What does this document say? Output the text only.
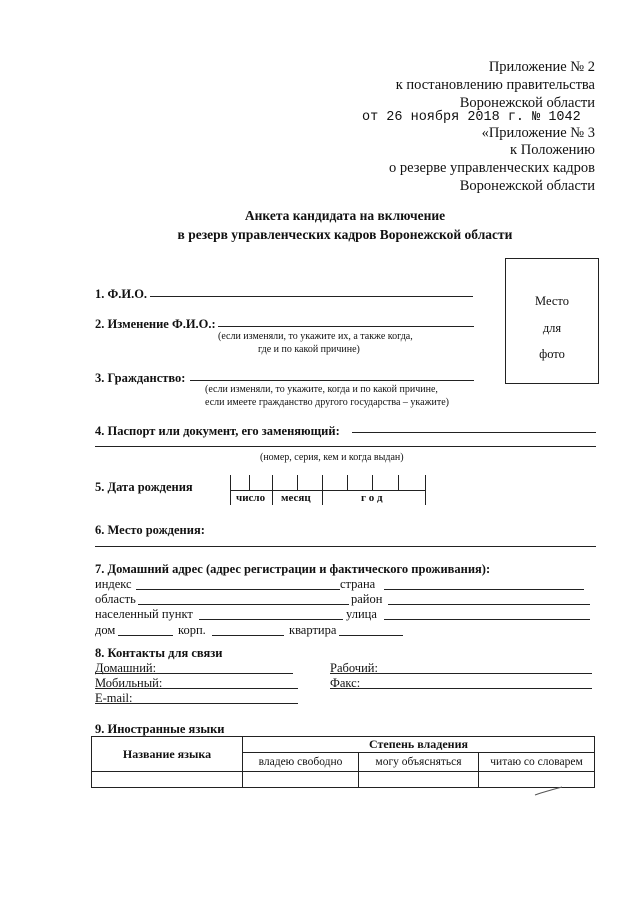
Приложение № 2
к постановлению правительства
Воронежской области
от 26 ноября 2018 г. № 1042
«Приложение № 3
к Положению
о резерве управленческих кадров
Воронежской области
Анкета кандидата на включение
в резерв управленческих кадров Воронежской области
Место
для
фото
1. Ф.И.О.
2. Изменение Ф.И.О.:
(если изменяли, то укажите их, а также когда,
где и по какой причине)
3. Гражданство:
(если изменяли, то укажите, когда и по какой причине,
если имеете гражданство другого государства – укажите)
4. Паспорт или документ, его заменяющий:
(номер, серия, кем и когда выдан)
5. Дата рождения
число месяц	г о д
6. Место рождения:
7. Домашний адрес (адрес регистрации и фактического проживания):
индекс	страна
область	район
населенный пункт	улица
дом	корп.	квартира
8. Контакты для связи
Домашний:	Рабочий:
Мобильный:	Факс:
E-mail:
9. Иностранные языки
Название языка	Степень владения		
	владею свободно	могу объясняться	читаю со словарем
